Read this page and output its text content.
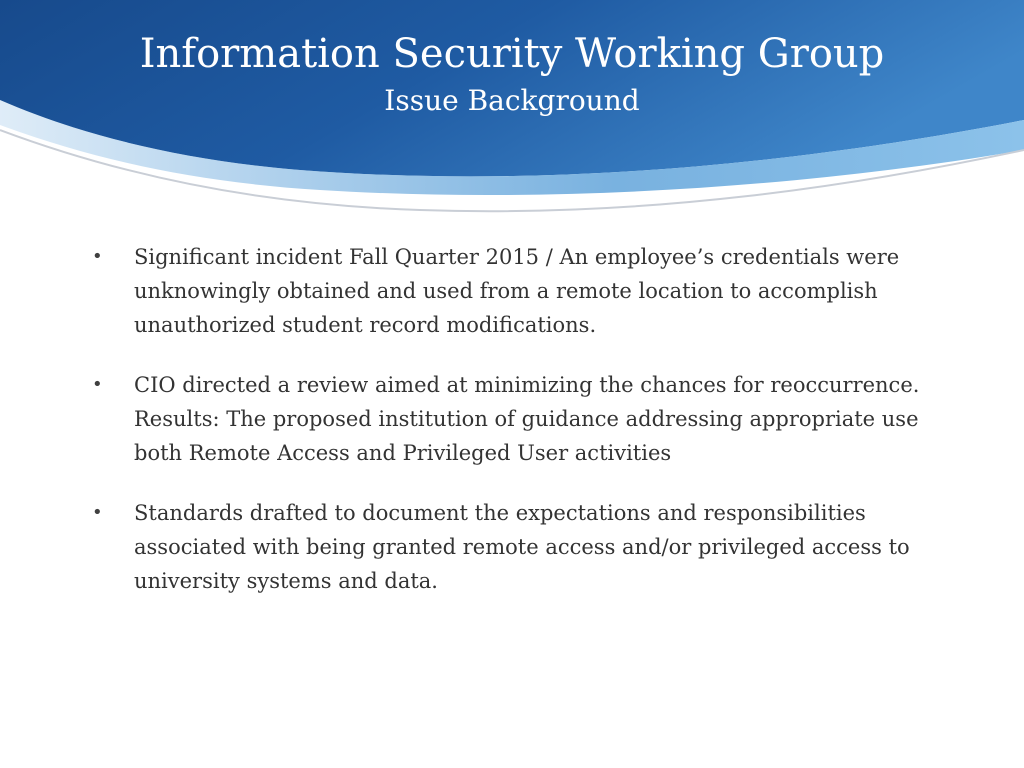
Information Security Working Group
Issue Background
•	Significant incident Fall Quarter 2015 / An employee’s credentials were unknowingly obtained and used from a remote location to accomplish unauthorized student record modifications.
•	CIO directed a review aimed at minimizing the chances for reoccurrence. Results: The proposed institution of guidance addressing appropriate use both Remote Access and Privileged User activities
•	Standards drafted to document the expectations and responsibilities associated with being granted remote access and/or privileged access to university systems and data.
